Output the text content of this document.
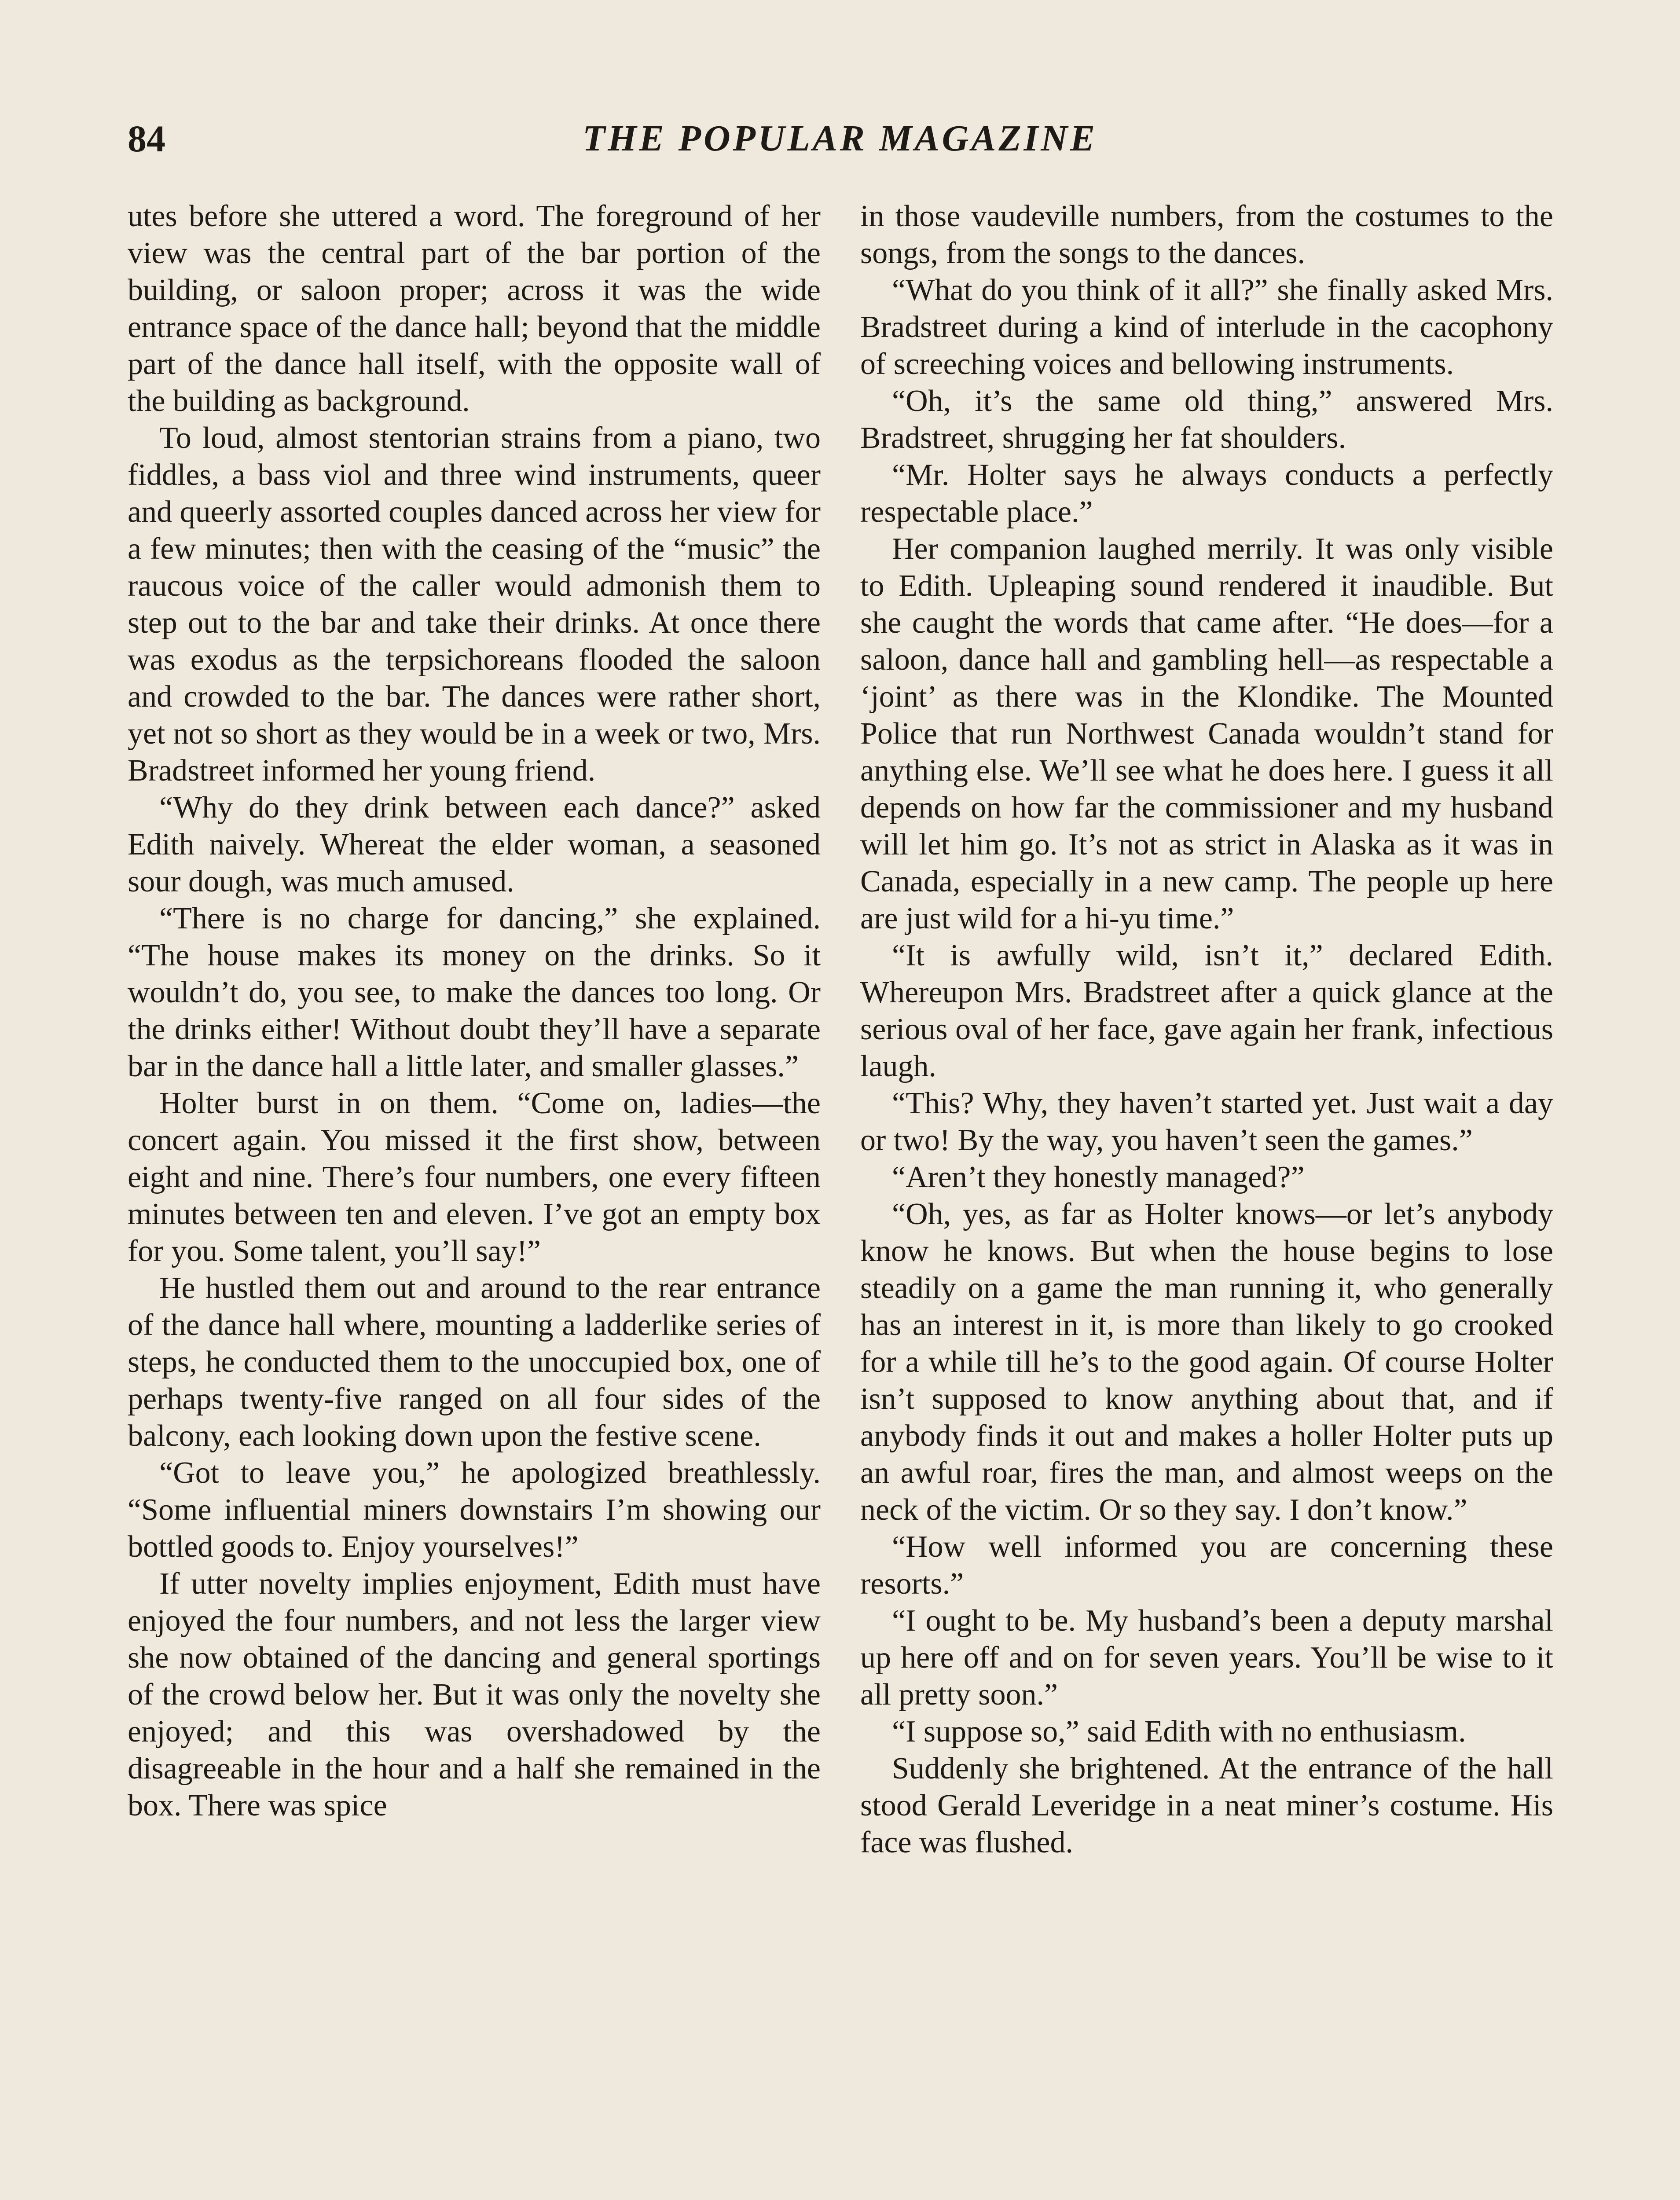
84	THE POPULAR MAGAZINE

utes before she uttered a word. The foreground of her view was the central part of the bar portion of the building, or saloon proper; across it was the wide entrance space of the dance hall; beyond that the middle part of the dance hall itself, with the opposite wall of the building as background.

To loud, almost stentorian strains from a piano, two fiddles, a bass viol and three wind instruments, queer and queerly assorted couples danced across her view for a few minutes; then with the ceasing of the “music” the raucous voice of the caller would admonish them to step out to the bar and take their drinks. At once there was exodus as the terpsichoreans flooded the saloon and crowded to the bar. The dances were rather short, yet not so short as they would be in a week or two, Mrs. Bradstreet informed her young friend.

“Why do they drink between each dance?” asked Edith naively. Whereat the elder woman, a seasoned sour dough, was much amused.

“There is no charge for dancing,” she explained. “The house makes its money on the drinks. So it wouldn’t do, you see, to make the dances too long. Or the drinks either! Without doubt they’ll have a separate bar in the dance hall a little later, and smaller glasses.”

Holter burst in on them. “Come on, ladies—the concert again. You missed it the first show, between eight and nine. There’s four numbers, one every fifteen minutes between ten and eleven. I’ve got an empty box for you. Some talent, you’ll say!”

He hustled them out and around to the rear entrance of the dance hall where, mounting a ladderlike series of steps, he conducted them to the unoccupied box, one of perhaps twenty-five ranged on all four sides of the balcony, each looking down upon the festive scene.

“Got to leave you,” he apologized breathlessly. “Some influential miners downstairs I’m showing our bottled goods to. Enjoy yourselves!”

If utter novelty implies enjoyment, Edith must have enjoyed the four numbers, and not less the larger view she now obtained of the dancing and general sportings of the crowd below her. But it was only the novelty she enjoyed; and this was overshadowed by the disagreeable in the hour and a half she remained in the box. There was spice

in those vaudeville numbers, from the costumes to the songs, from the songs to the dances.

“What do you think of it all?” she finally asked Mrs. Bradstreet during a kind of interlude in the cacophony of screeching voices and bellowing instruments.

“Oh, it’s the same old thing,” answered Mrs. Bradstreet, shrugging her fat shoulders.

“Mr. Holter says he always conducts a perfectly respectable place.”

Her companion laughed merrily. It was only visible to Edith. Upleaping sound rendered it inaudible. But she caught the words that came after. “He does—for a saloon, dance hall and gambling hell—as respectable a ‘joint’ as there was in the Klondike. The Mounted Police that run Northwest Canada wouldn’t stand for anything else. We’ll see what he does here. I guess it all depends on how far the commissioner and my husband will let him go. It’s not as strict in Alaska as it was in Canada, especially in a new camp. The people up here are just wild for a hi-yu time.”

“It is awfully wild, isn’t it,” declared Edith. Whereupon Mrs. Bradstreet after a quick glance at the serious oval of her face, gave again her frank, infectious laugh.

“This? Why, they haven’t started yet. Just wait a day or two! By the way, you haven’t seen the games.”

“Aren’t they honestly managed?”

“Oh, yes, as far as Holter knows—or let’s anybody know he knows. But when the house begins to lose steadily on a game the man running it, who generally has an interest in it, is more than likely to go crooked for a while till he’s to the good again. Of course Holter isn’t supposed to know anything about that, and if anybody finds it out and makes a holler Holter puts up an awful roar, fires the man, and almost weeps on the neck of the victim. Or so they say. I don’t know.”

“How well informed you are concerning these resorts.”

“I ought to be. My husband’s been a deputy marshal up here off and on for seven years. You’ll be wise to it all pretty soon.”

“I suppose so,” said Edith with no enthusiasm.

Suddenly she brightened. At the entrance of the hall stood Gerald Leveridge in a neat miner’s costume. His face was flushed.
